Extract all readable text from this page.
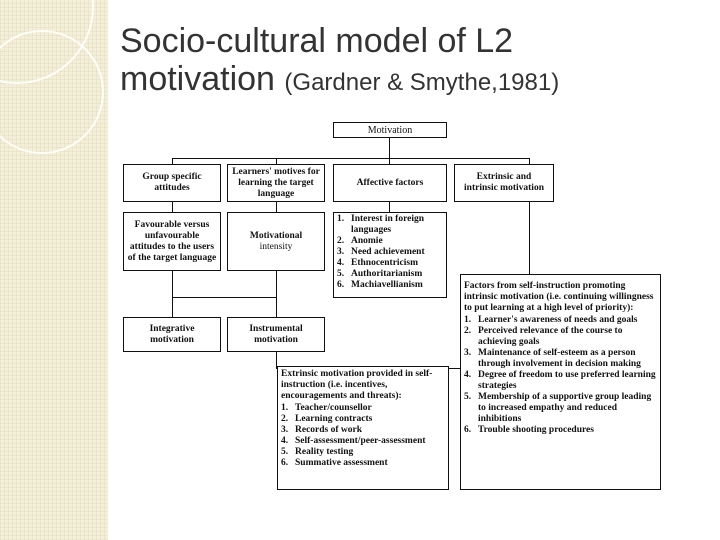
Socio-cultural model of L2
motivation (Gardner & Smythe,1981)
Motivation
Group specific attitudes
Learners' motives for learning the target language
Affective factors
Extrinsic and intrinsic motivation
Favourable versus unfavourable attitudes to the users of the target language
Motivational
intensity
1. Interest in foreign languages
2. Anomie
3. Need achievement
4. Ethnocentricism
5. Authoritarianism
6. Machiavellianism
Integrative motivation
Instrumental motivation
Factors from self-instruction promoting intrinsic motivation (i.e. continuing willingness to put learning at a high level of priority):
1. Learner's awareness of needs and goals
2. Perceived relevance of the course to achieving goals
3. Maintenance of self-esteem as a person through involvement in decision making
4. Degree of freedom to use preferred learning strategies
5. Membership of a supportive group leading to increased empathy and reduced inhibitions
6. Trouble shooting procedures
Extrinsic motivation provided in self-instruction (i.e. incentives, encouragements and threats):
1. Teacher/counsellor
2. Learning contracts
3. Records of work
4. Self-assessment/peer-assessment
5. Reality testing
6. Summative assessment
